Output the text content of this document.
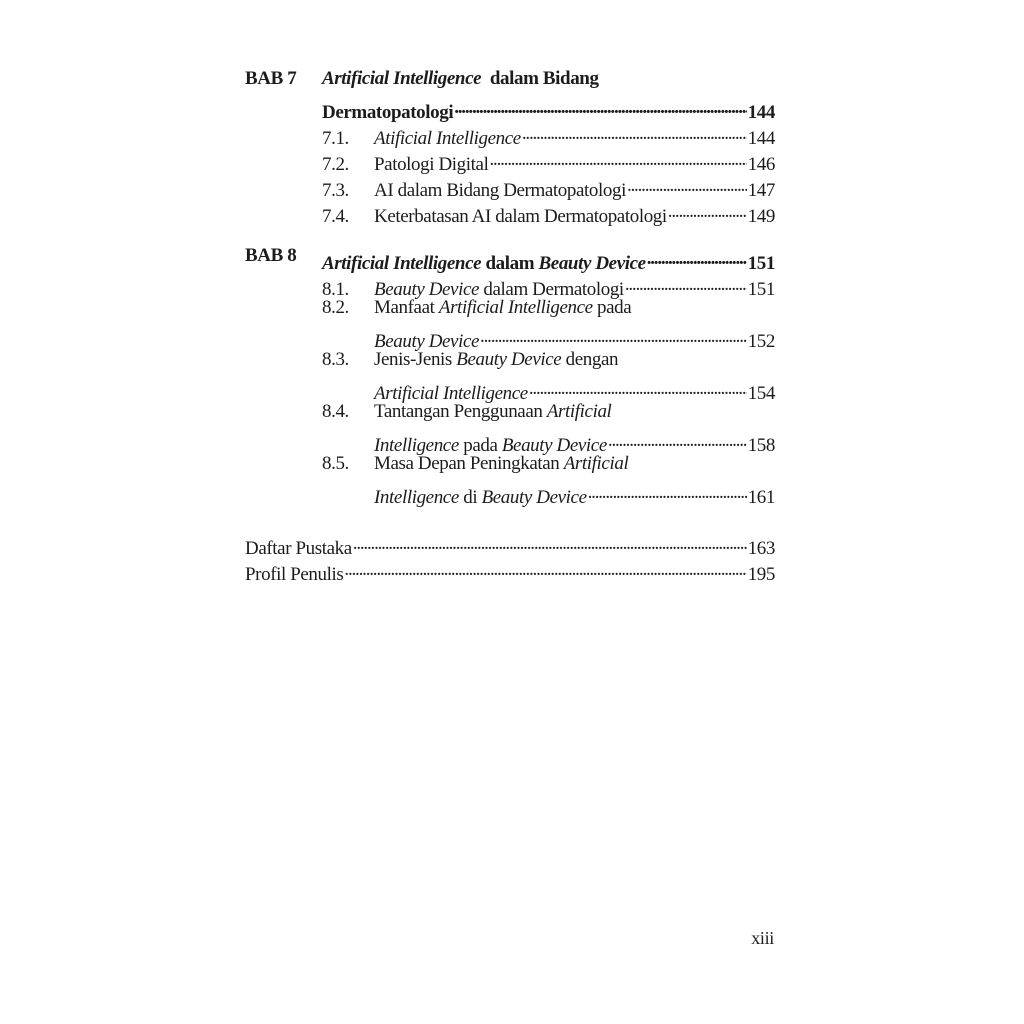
BAB 7 Artificial Intelligence  dalam Bidang
Dermatopatologi .....	144
7.1.	Atificial Intelligence .....	144
7.2.	Patologi Digital .....	146
7.3.	AI dalam Bidang Dermatopatologi .....	147
7.4.	Keterbatasan AI dalam Dermatopatologi .....	149
BAB 8 Artificial Intelligence dalam Beauty Device .....	151
8.1.	Beauty Device dalam Dermatologi .....	151
8.2.	Manfaat Artificial Intelligence pada
Beauty Device .....	152
8.3.	Jenis-Jenis Beauty Device dengan
Artificial Intelligence .....	154
8.4.	Tantangan Penggunaan Artificial
Intelligence pada Beauty Device .....	158
8.5.	Masa Depan Peningkatan Artificial
Intelligence di Beauty Device .....	161
Daftar Pustaka .....	163
Profil Penulis .....	195
xiii
